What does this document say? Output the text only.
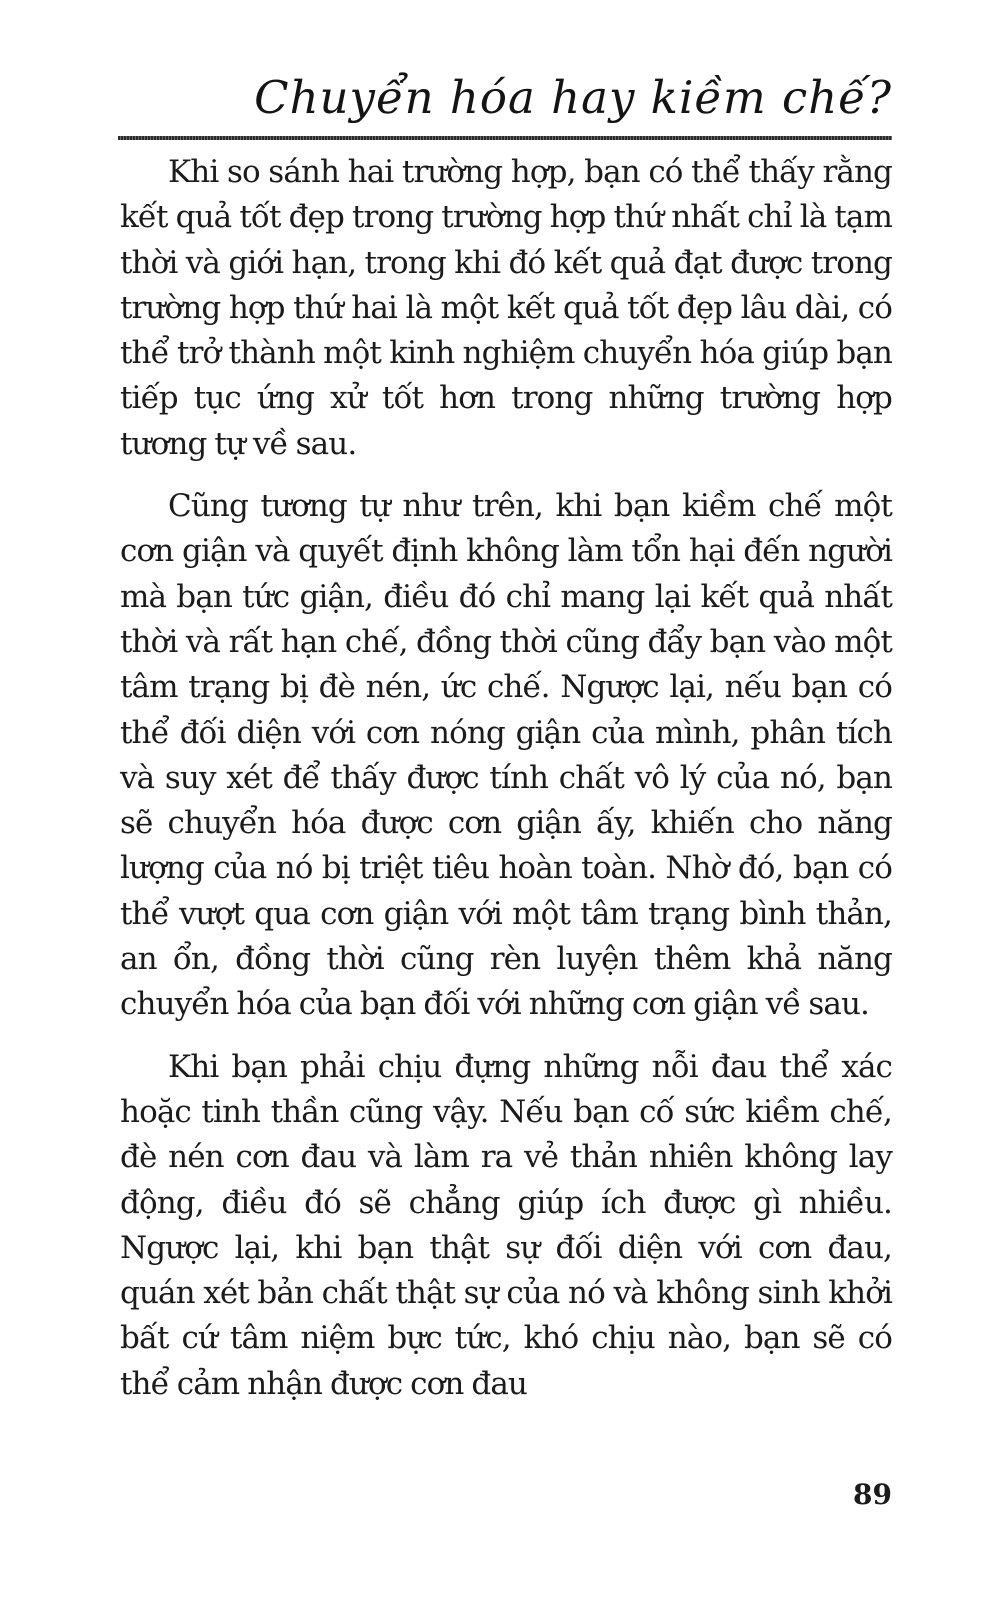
Chuyển hóa hay kiềm chế?

Khi so sánh hai trường hợp, bạn có thể thấy rằng kết quả tốt đẹp trong trường hợp thứ nhất chỉ là tạm thời và giới hạn, trong khi đó kết quả đạt được trong trường hợp thứ hai là một kết quả tốt đẹp lâu dài, có thể trở thành một kinh nghiệm chuyển hóa giúp bạn tiếp tục ứng xử tốt hơn trong những trường hợp tương tự về sau.

Cũng tương tự như trên, khi bạn kiềm chế một cơn giận và quyết định không làm tổn hại đến người mà bạn tức giận, điều đó chỉ mang lại kết quả nhất thời và rất hạn chế, đồng thời cũng đẩy bạn vào một tâm trạng bị đè nén, ức chế. Ngược lại, nếu bạn có thể đối diện với cơn nóng giận của mình, phân tích và suy xét để thấy được tính chất vô lý của nó, bạn sẽ chuyển hóa được cơn giận ấy, khiến cho năng lượng của nó bị triệt tiêu hoàn toàn. Nhờ đó, bạn có thể vượt qua cơn giận với một tâm trạng bình thản, an ổn, đồng thời cũng rèn luyện thêm khả năng chuyển hóa của bạn đối với những cơn giận về sau.

Khi bạn phải chịu đựng những nỗi đau thể xác hoặc tinh thần cũng vậy. Nếu bạn cố sức kiềm chế, đè nén cơn đau và làm ra vẻ thản nhiên không lay động, điều đó sẽ chẳng giúp ích được gì nhiều. Ngược lại, khi bạn thật sự đối diện với cơn đau, quán xét bản chất thật sự của nó và không sinh khởi bất cứ tâm niệm bực tức, khó chịu nào, bạn sẽ có thể cảm nhận được cơn đau

89
